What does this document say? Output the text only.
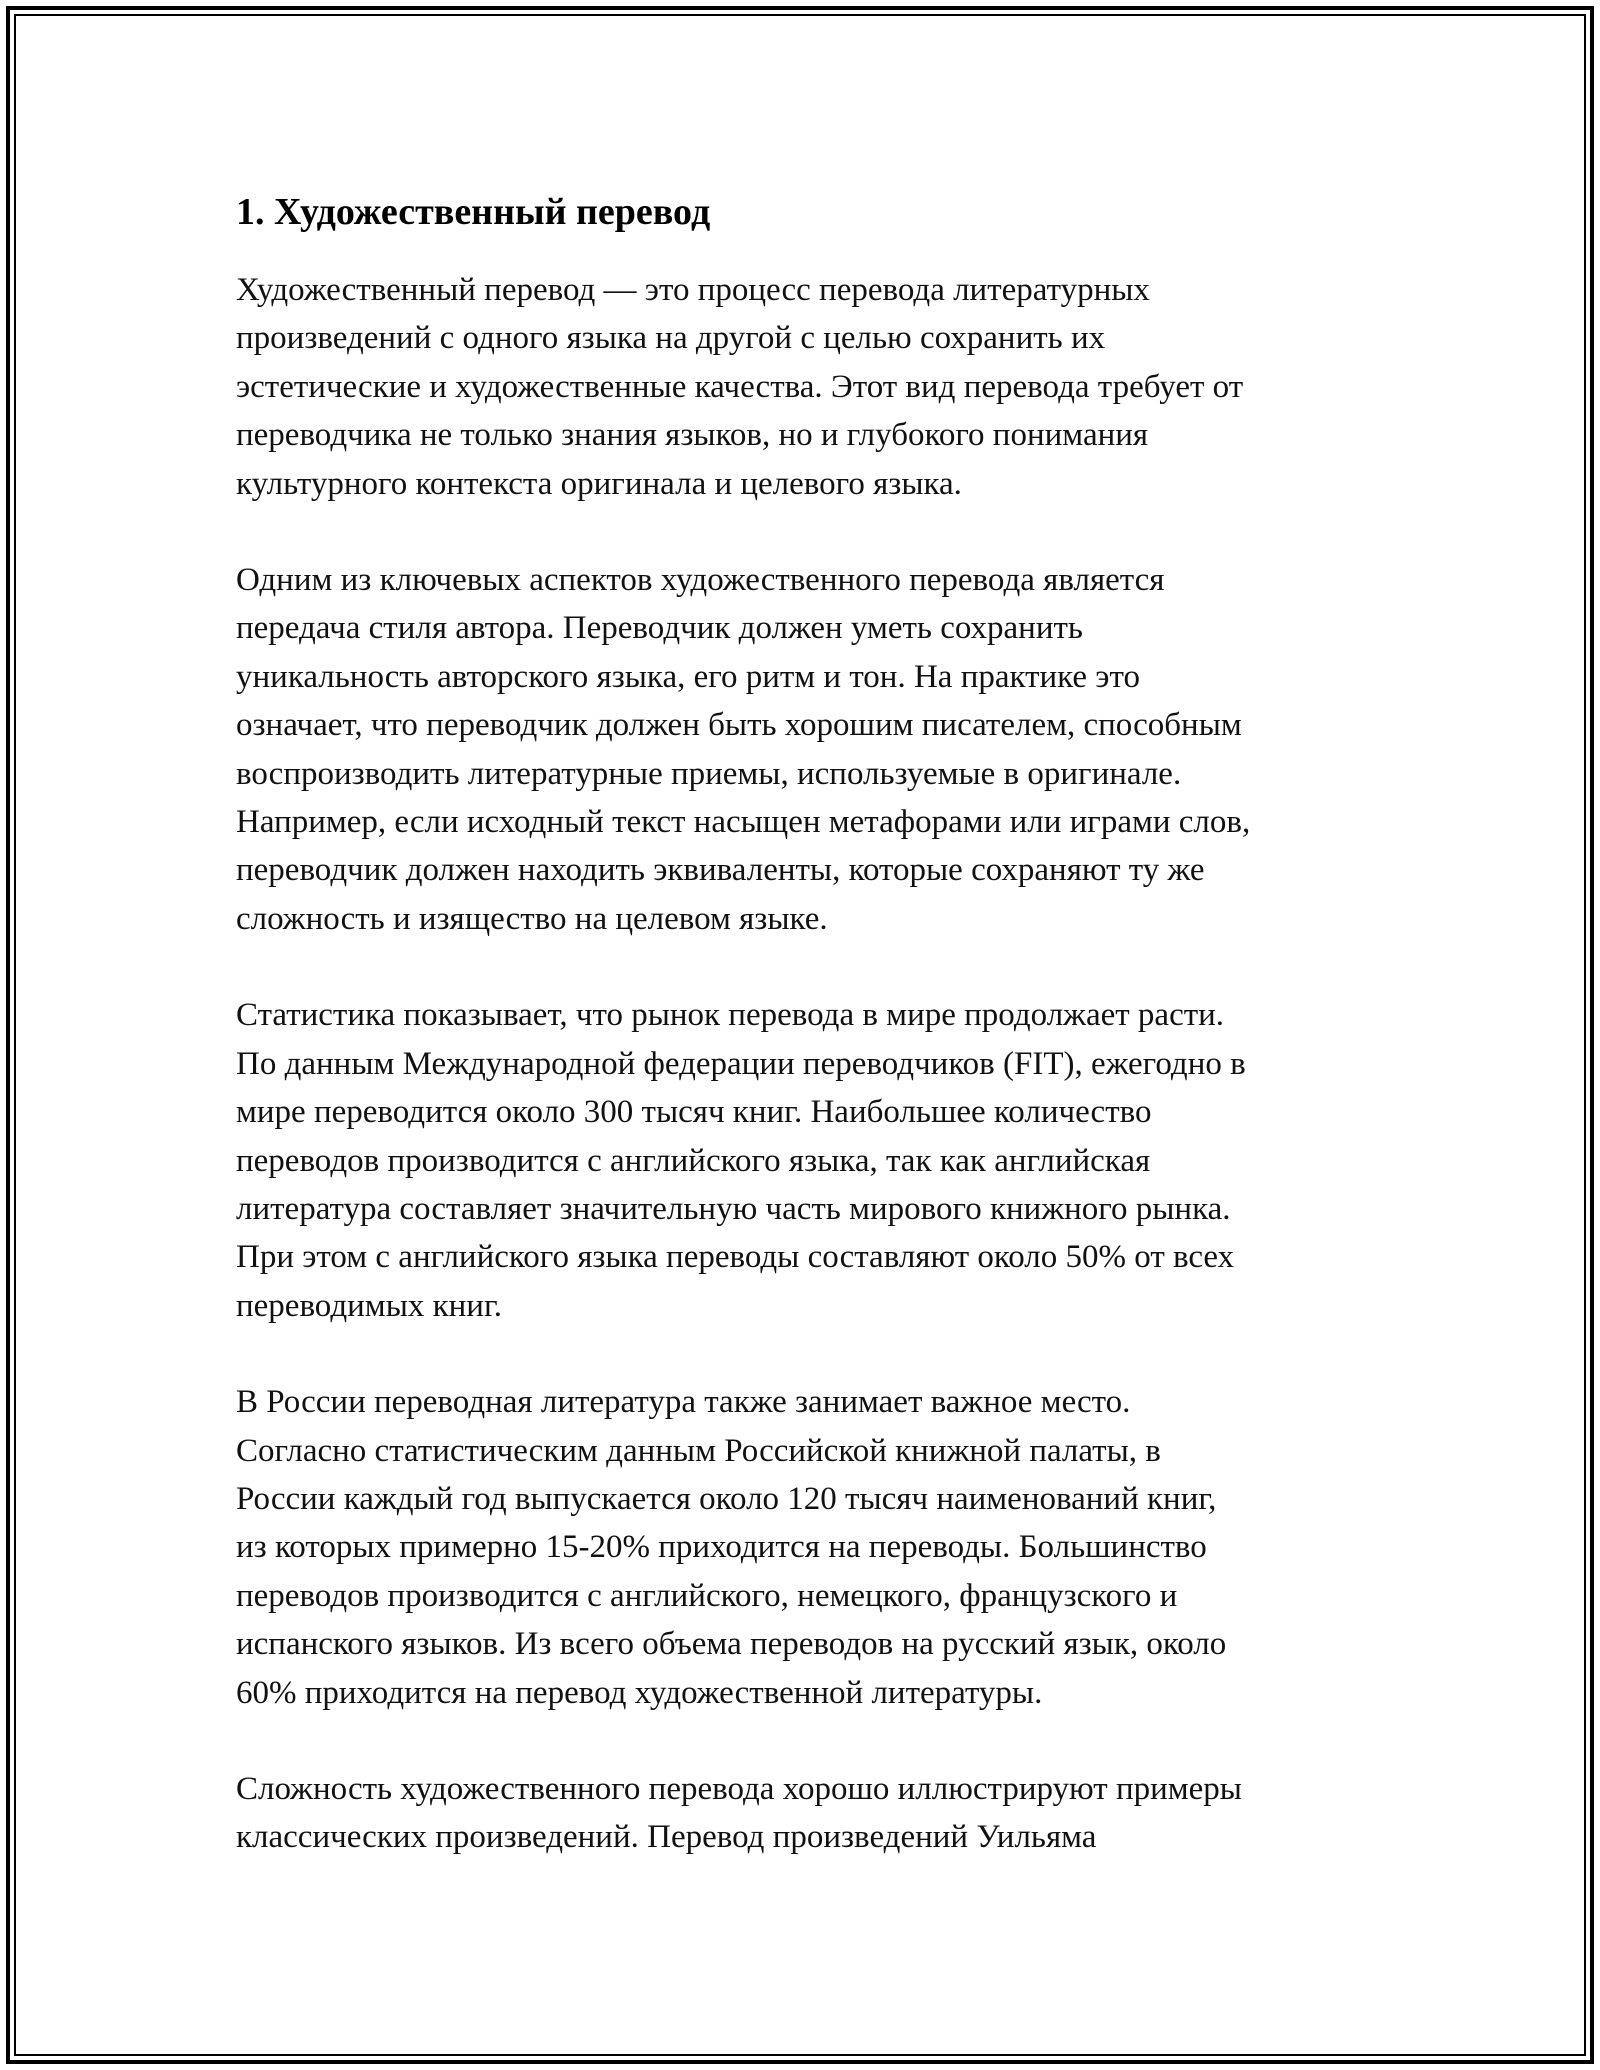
1. Художественный перевод

Художественный перевод — это процесс перевода литературных
произведений с одного языка на другой с целью сохранить их
эстетические и художественные качества. Этот вид перевода требует от
переводчика не только знания языков, но и глубокого понимания
культурного контекста оригинала и целевого языка.

Одним из ключевых аспектов художественного перевода является
передача стиля автора. Переводчик должен уметь сохранить
уникальность авторского языка, его ритм и тон. На практике это
означает, что переводчик должен быть хорошим писателем, способным
воспроизводить литературные приемы, используемые в оригинале.
Например, если исходный текст насыщен метафорами или играми слов,
переводчик должен находить эквиваленты, которые сохраняют ту же
сложность и изящество на целевом языке.

Статистика показывает, что рынок перевода в мире продолжает расти.
По данным Международной федерации переводчиков (FIT), ежегодно в
мире переводится около 300 тысяч книг. Наибольшее количество
переводов производится с английского языка, так как английская
литература составляет значительную часть мирового книжного рынка.
При этом с английского языка переводы составляют около 50% от всех
переводимых книг.

В России переводная литература также занимает важное место.
Согласно статистическим данным Российской книжной палаты, в
России каждый год выпускается около 120 тысяч наименований книг,
из которых примерно 15-20% приходится на переводы. Большинство
переводов производится с английского, немецкого, французского и
испанского языков. Из всего объема переводов на русский язык, около
60% приходится на перевод художественной литературы.

Сложность художественного перевода хорошо иллюстрируют примеры
классических произведений. Перевод произведений Уильяма
